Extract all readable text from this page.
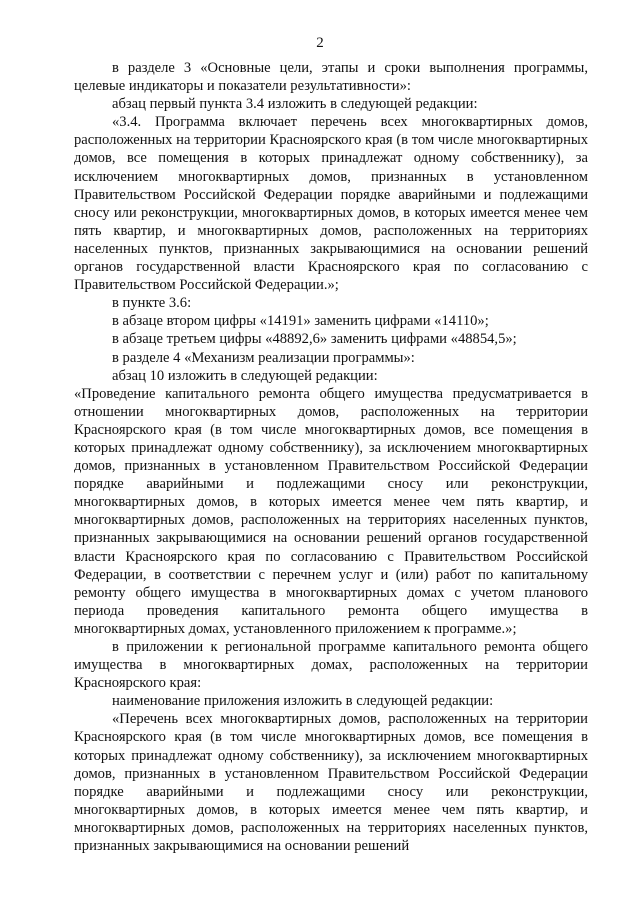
2

в разделе 3 «Основные цели, этапы и сроки выполнения программы, целевые индикаторы и показатели результативности»:

абзац первый пункта 3.4 изложить в следующей редакции:

«3.4. Программа включает перечень всех многоквартирных домов, расположенных на территории Красноярского края (в том числе многоквартирных домов, все помещения в которых принадлежат одному собственнику), за исключением многоквартирных домов, признанных в установленном Правительством Российской Федерации порядке аварийными и подлежащими сносу или реконструкции, многоквартирных домов, в которых имеется менее чем пять квартир, и многоквартирных домов, расположенных на территориях населенных пунктов, признанных закрывающимися на основании решений органов государственной власти Красноярского края по согласованию с Правительством Российской Федерации.»;

в пункте 3.6:

в абзаце втором цифры «14191» заменить цифрами «14110»;

в абзаце третьем цифры «48892,6» заменить цифрами «48854,5»;

в разделе 4 «Механизм реализации программы»:

абзац 10 изложить в следующей редакции:

«Проведение капитального ремонта общего имущества предусматривается в отношении многоквартирных домов, расположенных на территории Красноярского края (в том числе многоквартирных домов, все помещения в которых принадлежат одному собственнику), за исключением многоквартирных домов, признанных в установленном Правительством Российской Федерации порядке аварийными и подлежащими сносу или реконструкции, многоквартирных домов, в которых имеется менее чем пять квартир, и многоквартирных домов, расположенных на территориях населенных пунктов, признанных закрывающимися на основании решений органов государственной власти Красноярского края по согласованию с Правительством Российской Федерации, в соответствии с перечнем услуг и (или) работ по капитальному ремонту общего имущества в многоквартирных домах с учетом планового периода проведения капитального ремонта общего имущества в многоквартирных домах, установленного приложением к программе.»;

в приложении к региональной программе капитального ремонта общего имущества в многоквартирных домах, расположенных на территории Красноярского края:

наименование приложения изложить в следующей редакции:

«Перечень всех многоквартирных домов, расположенных на территории Красноярского края (в том числе многоквартирных домов, все помещения в которых принадлежат одному собственнику), за исключением многоквартирных домов, признанных в установленном Правительством Российской Федерации порядке аварийными и подлежащими сносу или реконструкции, многоквартирных домов, в которых имеется менее чем пять квартир, и многоквартирных домов, расположенных на территориях населенных пунктов, признанных закрывающимися на основании решений
